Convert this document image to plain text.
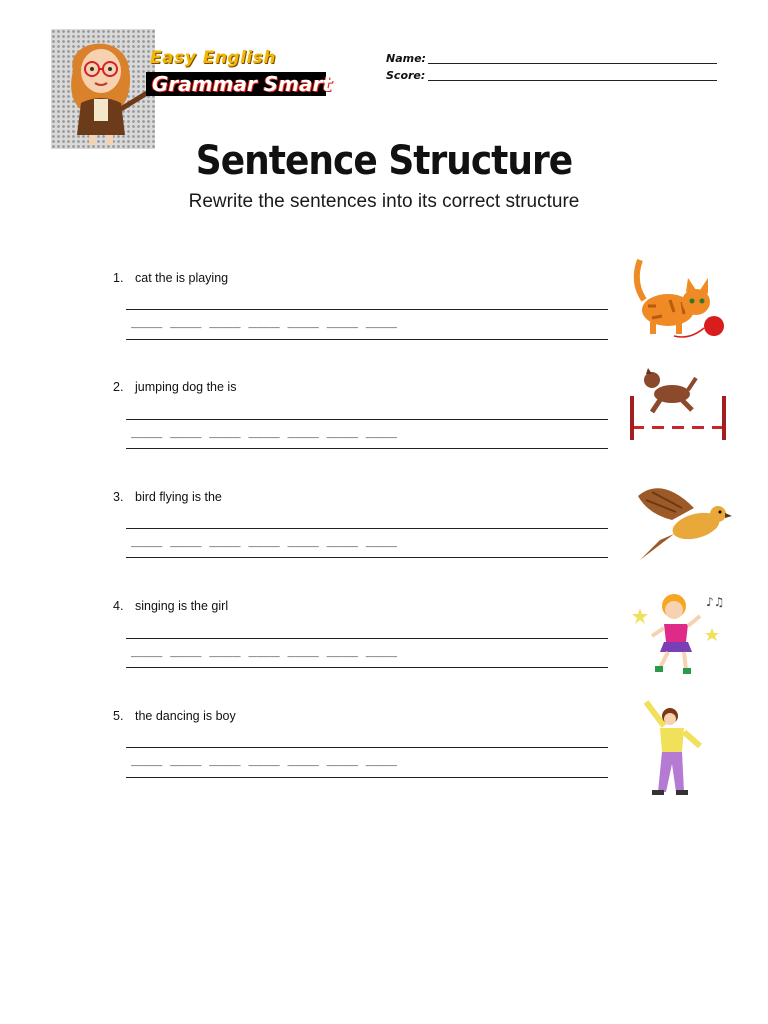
Easy English
Grammar Smart
Name:
Score:
Sentence Structure
Rewrite the sentences into its correct structure
1. cat the is playing
____ ____ ____ ____ ____ ____ ____
2. jumping dog the is
____ ____ ____ ____ ____ ____ ____
3. bird flying is the
____ ____ ____ ____ ____ ____ ____
4. singing is the girl
____ ____ ____ ____ ____ ____ ____
♪♫
5. the dancing is boy
____ ____ ____ ____ ____ ____ ____
